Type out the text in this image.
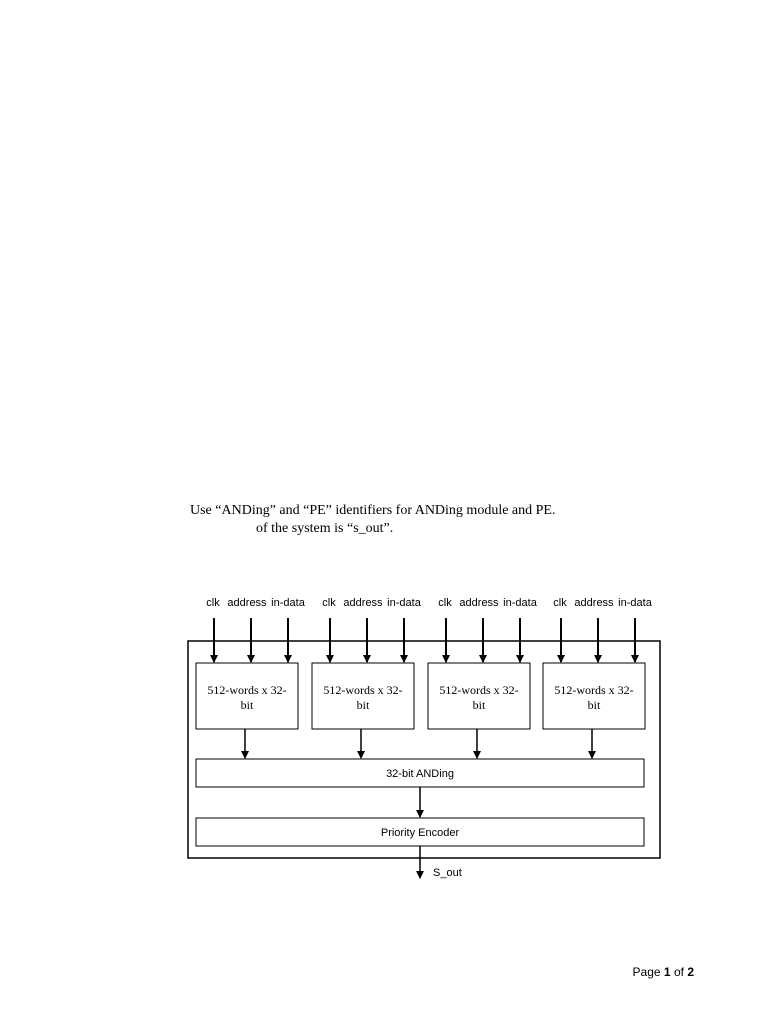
Use “ANDing” and “PE” identifiers for ANDing module and PE.
of the system is “s_out”.
clk address in-data
512-words x 32-
bit
clk address in-data
512-words x 32-
bit
clk address in-data
512-words x 32-
bit
clk address in-data
512-words x 32-
bit
32-bit ANDing
Priority Encoder
S_out
Page 1 of 2
